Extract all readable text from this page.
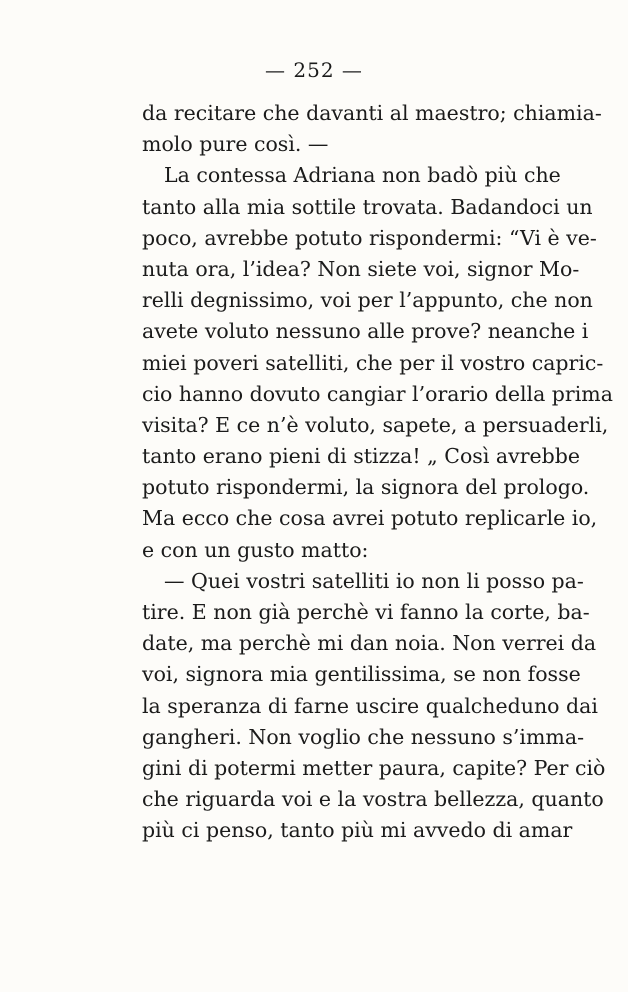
— 252 —
da recitare che davanti al maestro; chiamia-
molo pure così. —
La contessa Adriana non badò più che
tanto alla mia sottile trovata. Badandoci un
poco, avrebbe potuto rispondermi: “Vi è ve-
nuta ora, l’idea? Non siete voi, signor Mo-
relli degnissimo, voi per l’appunto, che non
avete voluto nessuno alle prove? neanche i
miei poveri satelliti, che per il vostro capric-
cio hanno dovuto cangiar l’orario della prima
visita? E ce n’è voluto, sapete, a persuaderli,
tanto erano pieni di stizza! „ Così avrebbe
potuto rispondermi, la signora del prologo.
Ma ecco che cosa avrei potuto replicarle io,
e con un gusto matto:
— Quei vostri satelliti io non li posso pa-
tire. E non già perchè vi fanno la corte, ba-
date, ma perchè mi dan noia. Non verrei da
voi, signora mia gentilissima, se non fosse
la speranza di farne uscire qualcheduno dai
gangheri. Non voglio che nessuno s’imma-
gini di potermi metter paura, capite? Per ciò
che riguarda voi e la vostra bellezza, quanto
più ci penso, tanto più mi avvedo di amar
